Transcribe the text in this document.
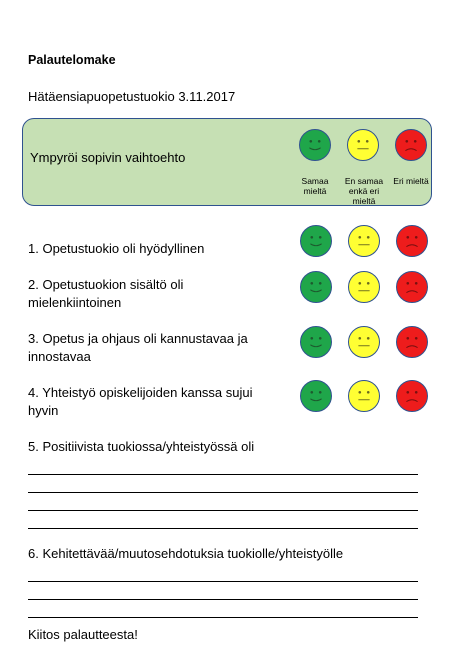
Palautelomake
Hätäensiapuopetustuokio 3.11.2017
Ympyröi sopivin vaihtoehto
Samaa mieltä
En samaa enkä eri mieltä
Eri mieltä
1. Opetustuokio oli hyödyllinen
2. Opetustuokion sisältö oli
mielenkiintoinen
3. Opetus ja ohjaus oli kannustavaa ja
innostavaa
4. Yhteistyö opiskelijoiden kanssa sujui
hyvin
5. Positiivista tuokiossa/yhteistyössä oli
6. Kehitettävää/muutosehdotuksia tuokiolle/yhteistyölle
Kiitos palautteesta!
